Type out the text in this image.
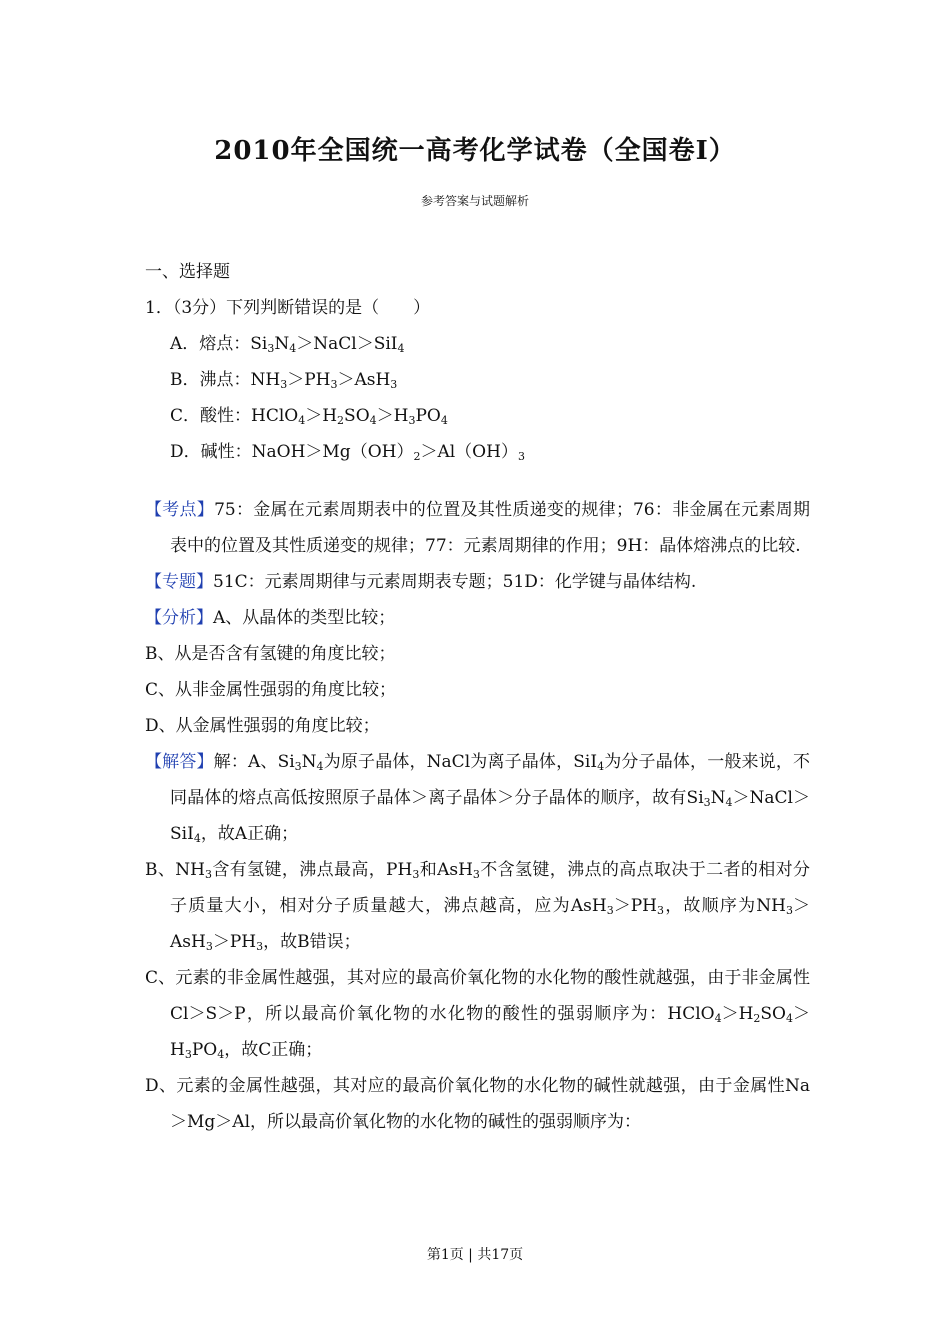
2010年全国统一高考化学试卷（全国卷Ⅰ）
参考答案与试题解析
一、选择题
1．（3分）下列判断错误的是（　　）
A．熔点：$Si_3N_4>NaCl>SiI_4$
B．沸点：$NH_3>PH_3>AsH_3$
C．酸性：$HClO_4>H_2SO_4>H_3PO_4$
D．碱性：$NaOH>Mg(OH)_2>Al(OH)_3$
【考点】75：金属在元素周期表中的位置及其性质递变的规律；76：非金属在元素周期表中的位置及其性质递变的规律；77：元素周期律的作用；9H：晶体熔沸点的比较.
【专题】51C：元素周期律与元素周期表专题；51D：化学键与晶体结构.
【分析】A、从晶体的类型比较；
B、从是否含有氢键的角度比较；
C、从非金属性强弱的角度比较；
D、从金属性强弱的角度比较；
【解答】解：A、$Si_3N_4$为原子晶体，NaCl为离子晶体，SiI$_4$为分子晶体，一般来说，不同晶体的熔点高低按照原子晶体＞离子晶体＞分子晶体的顺序，故有$Si_3N_4>NaCl>SiI_4$，故A正确；
B、$NH_3$含有氢键，沸点最高，$PH_3$和AsH$_3$不含氢键，沸点的高点取决于二者的相对分子质量大小，相对分子质量越大，沸点越高，应为$AsH_3>PH_3$，故顺序为$NH_3>AsH_3>PH_3$，故B错误；
C、元素的非金属性越强，其对应的最高价氧化物的水化物的酸性就越强，由于非金属性Cl＞S＞P，所以最高价氧化物的水化物的酸性的强弱顺序为：$HClO_4>H_2SO_4>H_3PO_4$，故C正确；
D、元素的金属性越强，其对应的最高价氧化物的水化物的碱性就越强，由于金属性Na＞Mg＞Al，所以最高价氧化物的水化物的碱性的强弱顺序为：
第1页 | 共17页
